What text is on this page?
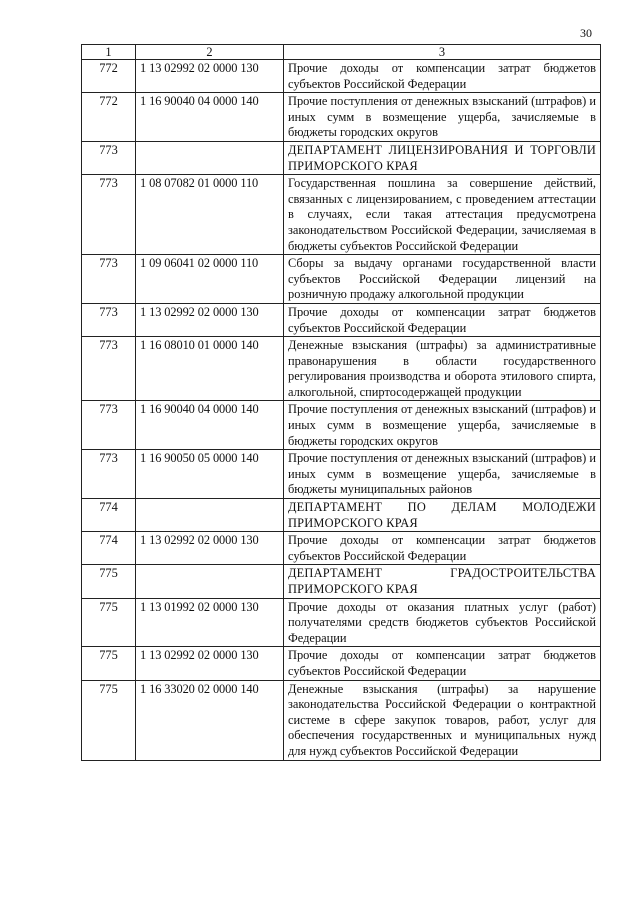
30
1	2	3
772	1 13 02992 02 0000 130	Прочие доходы от компенсации затрат бюджетов субъектов Российской Федерации
772	1 16 90040 04 0000 140	Прочие поступления от денежных взысканий (штрафов) и иных сумм в возмещение ущерба, зачисляемые в бюджеты городских округов
773		ДЕПАРТАМЕНТ ЛИЦЕНЗИРОВАНИЯ И ТОРГОВЛИ ПРИМОРСКОГО КРАЯ
773	1 08 07082 01 0000 110	Государственная пошлина за совершение действий, связанных с лицензированием, с проведением аттестации в случаях, если такая аттестация предусмотрена законодательством Российской Федерации, зачисляемая в бюджеты субъектов Российской Федерации
773	1 09 06041 02 0000 110	Сборы за выдачу органами государственной власти субъектов Российской Федерации лицензий на розничную продажу алкогольной продукции
773	1 13 02992 02 0000 130	Прочие доходы от компенсации затрат бюджетов субъектов Российской Федерации
773	1 16 08010 01 0000 140	Денежные взыскания (штрафы) за административные правонарушения в области государственного регулирования производства и оборота этилового спирта, алкогольной, спиртосодержащей продукции
773	1 16 90040 04 0000 140	Прочие поступления от денежных взысканий (штрафов) и иных сумм в возмещение ущерба, зачисляемые в бюджеты городских округов
773	1 16 90050 05 0000 140	Прочие поступления от денежных взысканий (штрафов) и иных сумм в возмещение ущерба, зачисляемые в бюджеты муниципальных районов
774		ДЕПАРТАМЕНТ ПО ДЕЛАМ МОЛОДЕЖИ ПРИМОРСКОГО КРАЯ
774	1 13 02992 02 0000 130	Прочие доходы от компенсации затрат бюджетов субъектов Российской Федерации
775		ДЕПАРТАМЕНТ ГРАДОСТРОИТЕЛЬСТВА ПРИМОРСКОГО КРАЯ
775	1 13 01992 02 0000 130	Прочие доходы от оказания платных услуг (работ) получателями средств бюджетов субъектов Российской Федерации
775	1 13 02992 02 0000 130	Прочие доходы от компенсации затрат бюджетов субъектов Российской Федерации
775	1 16 33020 02 0000 140	Денежные взыскания (штрафы) за нарушение законодательства Российской Федерации о контрактной системе в сфере закупок товаров, работ, услуг для обеспечения государственных и муниципальных нужд для нужд субъектов Российской Федерации
